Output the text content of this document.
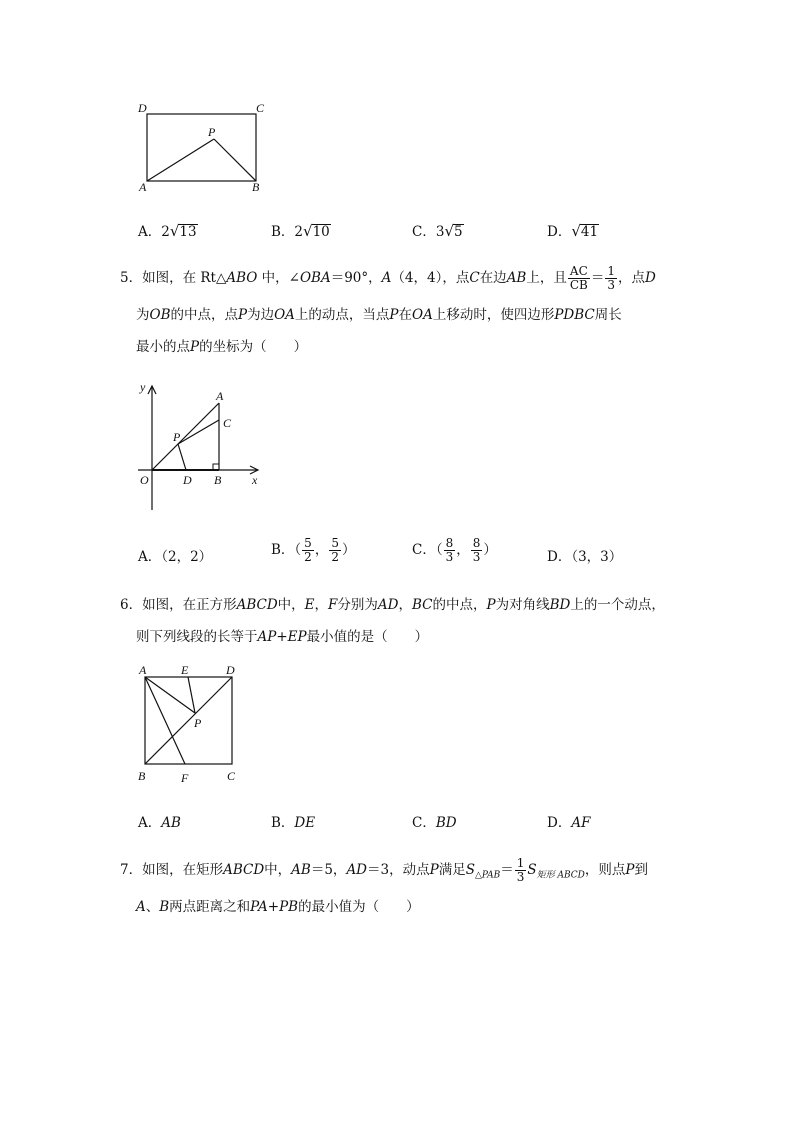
D	C
P
A	B
A．2√13	B．2√10	C．3√5	D．√41
5．如图，在 Rt△ABO 中，∠OBA＝90°，A（4，4），点C在边AB上，且 $\frac{AC}{CB} = \frac{1}{3}$ ，点D
为OB的中点，点P为边OA上的动点，当点P在OA上移动时，使四边形PDBC周长
最小的点P的坐标为（　　）
y
A
C
P
O	D B	x
A．（2，2）	B．（ $\frac{5}{2}$ ， $\frac{5}{2}$ ）	C．（ $\frac{8}{3}$ ， $\frac{8}{3}$ ）	D．（3，3）
6．如图，在正方形ABCD中，E，F分别为AD，BC的中点，P为对角线BD上的一个动点，
则下列线段的长等于AP+EP最小值的是（　　）
A	E	D
P
B	F	C
A．AB	B．DE	C．BD	D．AF
7．如图，在矩形ABCD中，AB＝5，AD＝3，动点P满足$S_{\triangle PAB}= \frac{1}{3} S_{矩形 ABCD}$，则点P到
A、B两点距离之和PA+PB的最小值为（　　）
